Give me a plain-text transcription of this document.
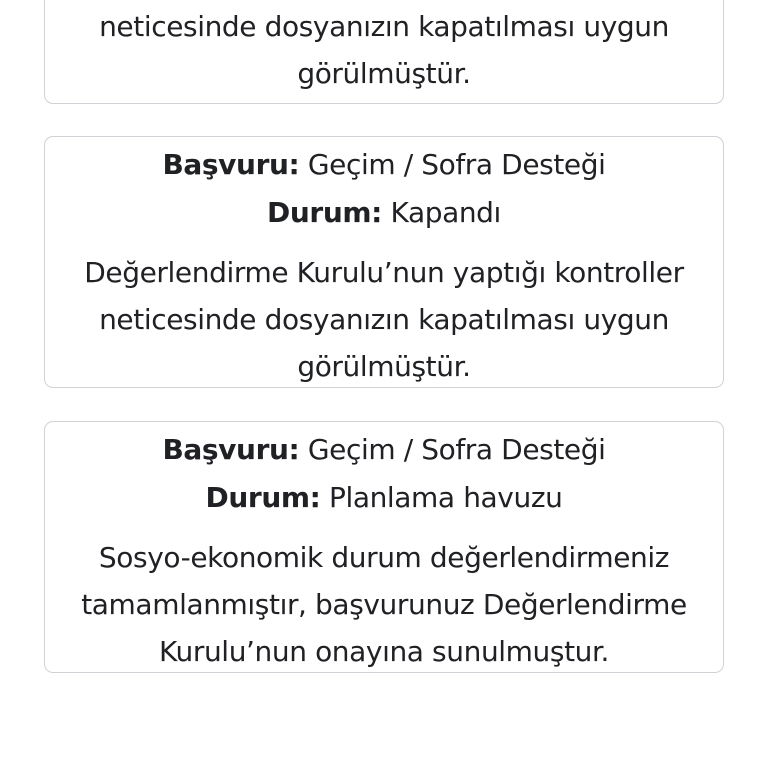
neticesinde dosyanızın kapatılması uygun görülmüştür.

Başvuru: Geçim / Sofra Desteği

Durum: Kapandı

Değerlendirme Kurulu’nun yaptığı kontroller neticesinde dosyanızın kapatılması uygun görülmüştür.

Başvuru: Geçim / Sofra Desteği

Durum: Planlama havuzu

Sosyo-ekonomik durum değerlendirmeniz tamamlanmıştır, başvurunuz Değerlendirme Kurulu’nun onayına sunulmuştur.
